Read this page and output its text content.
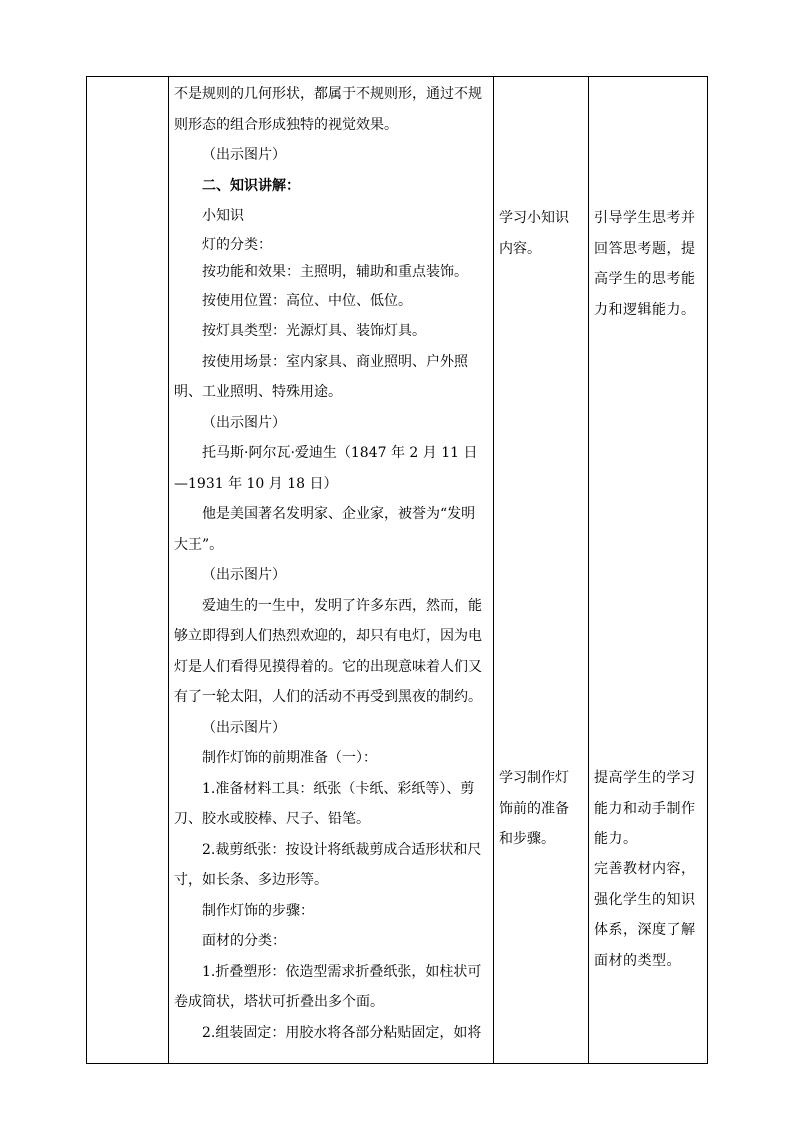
不是规则的几何形状，都属于不规则形，通过不规则形态的组合形成独特的视觉效果。

（出示图片）

二、知识讲解：

小知识

灯的分类：

按功能和效果：主照明，辅助和重点装饰。

按使用位置：高位、中位、低位。

按灯具类型：光源灯具、装饰灯具。

按使用场景：室内家具、商业照明、户外照明、工业照明、特殊用途。

（出示图片）

托马斯·阿尔瓦·爱迪生（1847 年 2 月 11 日—1931 年 10 月 18 日）

他是美国著名发明家、企业家，被誉为“发明大王”。

（出示图片）

爱迪生的一生中，发明了许多东西，然而，能够立即得到人们热烈欢迎的，却只有电灯，因为电灯是人们看得见摸得着的。它的出现意味着人们又有了一轮太阳，人们的活动不再受到黑夜的制约。

（出示图片）

制作灯饰的前期准备（一）：

1.准备材料工具：纸张（卡纸、彩纸等）、剪刀、胶水或胶棒、尺子、铅笔。

2.裁剪纸张：按设计将纸裁剪成合适形状和尺寸，如长条、多边形等。

制作灯饰的步骤：

面材的分类：

1.折叠塑形：依造型需求折叠纸张，如柱状可卷成筒状，塔状可折叠出多个面。

2.组装固定：用胶水将各部分粘贴固定，如将

学习小知识内容。
学习制作灯饰前的准备和步骤。
引导学生思考并回答思考题，提高学生的思考能力和逻辑能力。
提高学生的学习能力和动手制作能力。
完善教材内容，强化学生的知识体系，深度了解面材的类型。
